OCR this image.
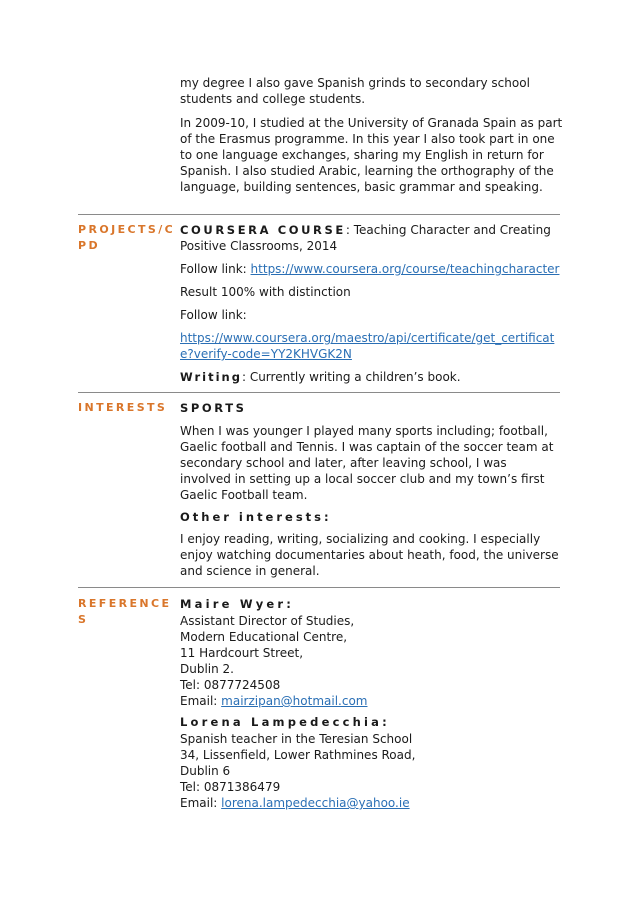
my degree I also gave Spanish grinds to secondary school students and college students.

In 2009-10, I studied at the University of Granada Spain as part of the Erasmus programme. In this year I also took part in one to one language exchanges, sharing my English in return for Spanish. I also studied Arabic, learning the orthography of the language, building sentences, basic grammar and speaking.

PROJECTS/CPD
COURSERA COURSE: Teaching Character and Creating Positive Classrooms, 2014
Follow link: https://www.coursera.org/course/teachingcharacter
Result 100% with distinction
Follow link:
https://www.coursera.org/maestro/api/certificate/get_certificate?verify-code=YY2KHVGK2N
Writing: Currently writing a children’s book.
INTERESTS	SPORTS

When I was younger I played many sports including; football, Gaelic football and Tennis. I was captain of the soccer team at secondary school and later, after leaving school, I was involved in setting up a local soccer club and my town’s first Gaelic Football team.

Other interests:

I enjoy reading, writing, socializing and cooking. I especially enjoy watching documentaries about heath, food, the universe and science in general.

REFERENCES
Maire Wyer:
Assistant Director of Studies,
Modern Educational Centre,
11 Hardcourt Street,
Dublin 2.
Tel: 0877724508
Email: mairzipan@hotmail.com
Lorena Lampedecchia:
Spanish teacher in the Teresian School
34, Lissenfield, Lower Rathmines Road,
Dublin 6
Tel: 0871386479
Email: lorena.lampedecchia@yahoo.ie
